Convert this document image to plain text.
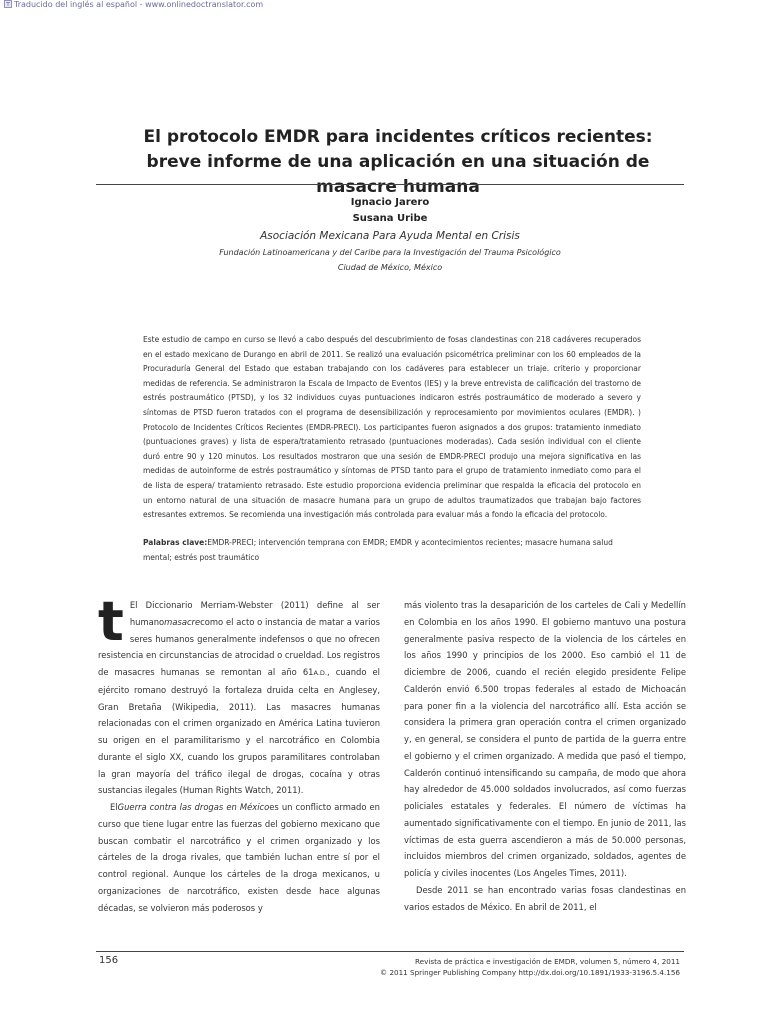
Traducido del inglés al español - www.onlinedoctranslator.com
El protocolo EMDR para incidentes críticos recientes: breve informe de una aplicación en una situación de masacre humana
Ignacio Jarero
Susana Uribe
Asociación Mexicana Para Ayuda Mental en Crisis
Fundación Latinoamericana y del Caribe para la Investigación del Trauma Psicológico
Ciudad de México, México
Este estudio de campo en curso se llevó a cabo después del descubrimiento de fosas clandestinas con 218 cadáveres recuperados en el estado mexicano de Durango en abril de 2011. Se realizó una evaluación psicométrica preliminar con los 60 empleados de la Procuraduría General del Estado que estaban trabajando con los cadáveres para establecer un triaje. criterio y proporcionar medidas de referencia. Se administraron la Escala de Impacto de Eventos (IES) y la breve entrevista de calificación del trastorno de estrés postraumático (PTSD), y los 32 individuos cuyas puntuaciones indicaron estrés postraumático de moderado a severo y síntomas de PTSD fueron tratados con el programa de desensibilización y reprocesamiento por movimientos oculares (EMDR). ) Protocolo de Incidentes Críticos Recientes (EMDR-PRECI). Los participantes fueron asignados a dos grupos: tratamiento inmediato (puntuaciones graves) y lista de espera/tratamiento retrasado (puntuaciones moderadas). Cada sesión individual con el cliente duró entre 90 y 120 minutos. Los resultados mostraron que una sesión de EMDR-PRECI produjo una mejora significativa en las medidas de autoinforme de estrés postraumático y síntomas de PTSD tanto para el grupo de tratamiento inmediato como para el de lista de espera/ tratamiento retrasado. Este estudio proporciona evidencia preliminar que respalda la eficacia del protocolo en un entorno natural de una situación de masacre humana para un grupo de adultos traumatizados que trabajan bajo factores estresantes extremos. Se recomienda una investigación más controlada para evaluar más a fondo la eficacia del protocolo.
Palabras clave:EMDR-PRECI; intervención temprana con EMDR; EMDR y acontecimientos recientes; masacre humana salud mental; estrés post traumático

t El Diccionario Merriam-Webster (2011) define al ser humanomasacrecomo el acto o instancia de matar a varios seres humanos generalmente indefensos o que no ofrecen resistencia en circunstancias de atrocidad o crueldad. Los registros de masacres humanas se remontan al año 61A.D., cuando el ejército romano destruyó la fortaleza druida celta en Anglesey, Gran Bretaña (Wikipedia, 2011). Las masacres humanas relacionadas con el crimen organizado en América Latina tuvieron su origen en el paramilitarismo y el narcotráfico en Colombia durante el siglo XX, cuando los grupos paramilitares controlaban la gran mayoría del tráfico ilegal de drogas, cocaína y otras sustancias ilegales (Human Rights Watch, 2011).

ElGuerra contra las drogas en Méxicoes un conflicto armado en curso que tiene lugar entre las fuerzas del gobierno mexicano que buscan combatir el narcotráfico y el crimen organizado y los cárteles de la droga rivales, que también luchan entre sí por el control regional. Aunque los cárteles de la droga mexicanos, u organizaciones de narcotráfico, existen desde hace algunas décadas, se volvieron más poderosos y

más violento tras la desaparición de los carteles de Cali y Medellín en Colombia en los años 1990. El gobierno mantuvo una postura generalmente pasiva respecto de la violencia de los cárteles en los años 1990 y principios de los 2000. Eso cambió el 11 de diciembre de 2006, cuando el recién elegido presidente Felipe Calderón envió 6.500 tropas federales al estado de Michoacán para poner fin a la violencia del narcotráfico allí. Esta acción se considera la primera gran operación contra el crimen organizado y, en general, se considera el punto de partida de la guerra entre el gobierno y el crimen organizado. A medida que pasó el tiempo, Calderón continuó intensificando su campaña, de modo que ahora hay alrededor de 45.000 soldados involucrados, así como fuerzas policiales estatales y federales. El número de víctimas ha aumentado significativamente con el tiempo. En junio de 2011, las víctimas de esta guerra ascendieron a más de 50.000 personas, incluidos miembros del crimen organizado, soldados, agentes de policía y civiles inocentes (Los Angeles Times, 2011).

Desde 2011 se han encontrado varias fosas clandestinas en varios estados de México. En abril de 2011, el

156	Revista de práctica e investigación de EMDR, volumen 5, número 4, 2011
© 2011 Springer Publishing Company http://dx.doi.org/10.1891/1933-3196.5.4.156
